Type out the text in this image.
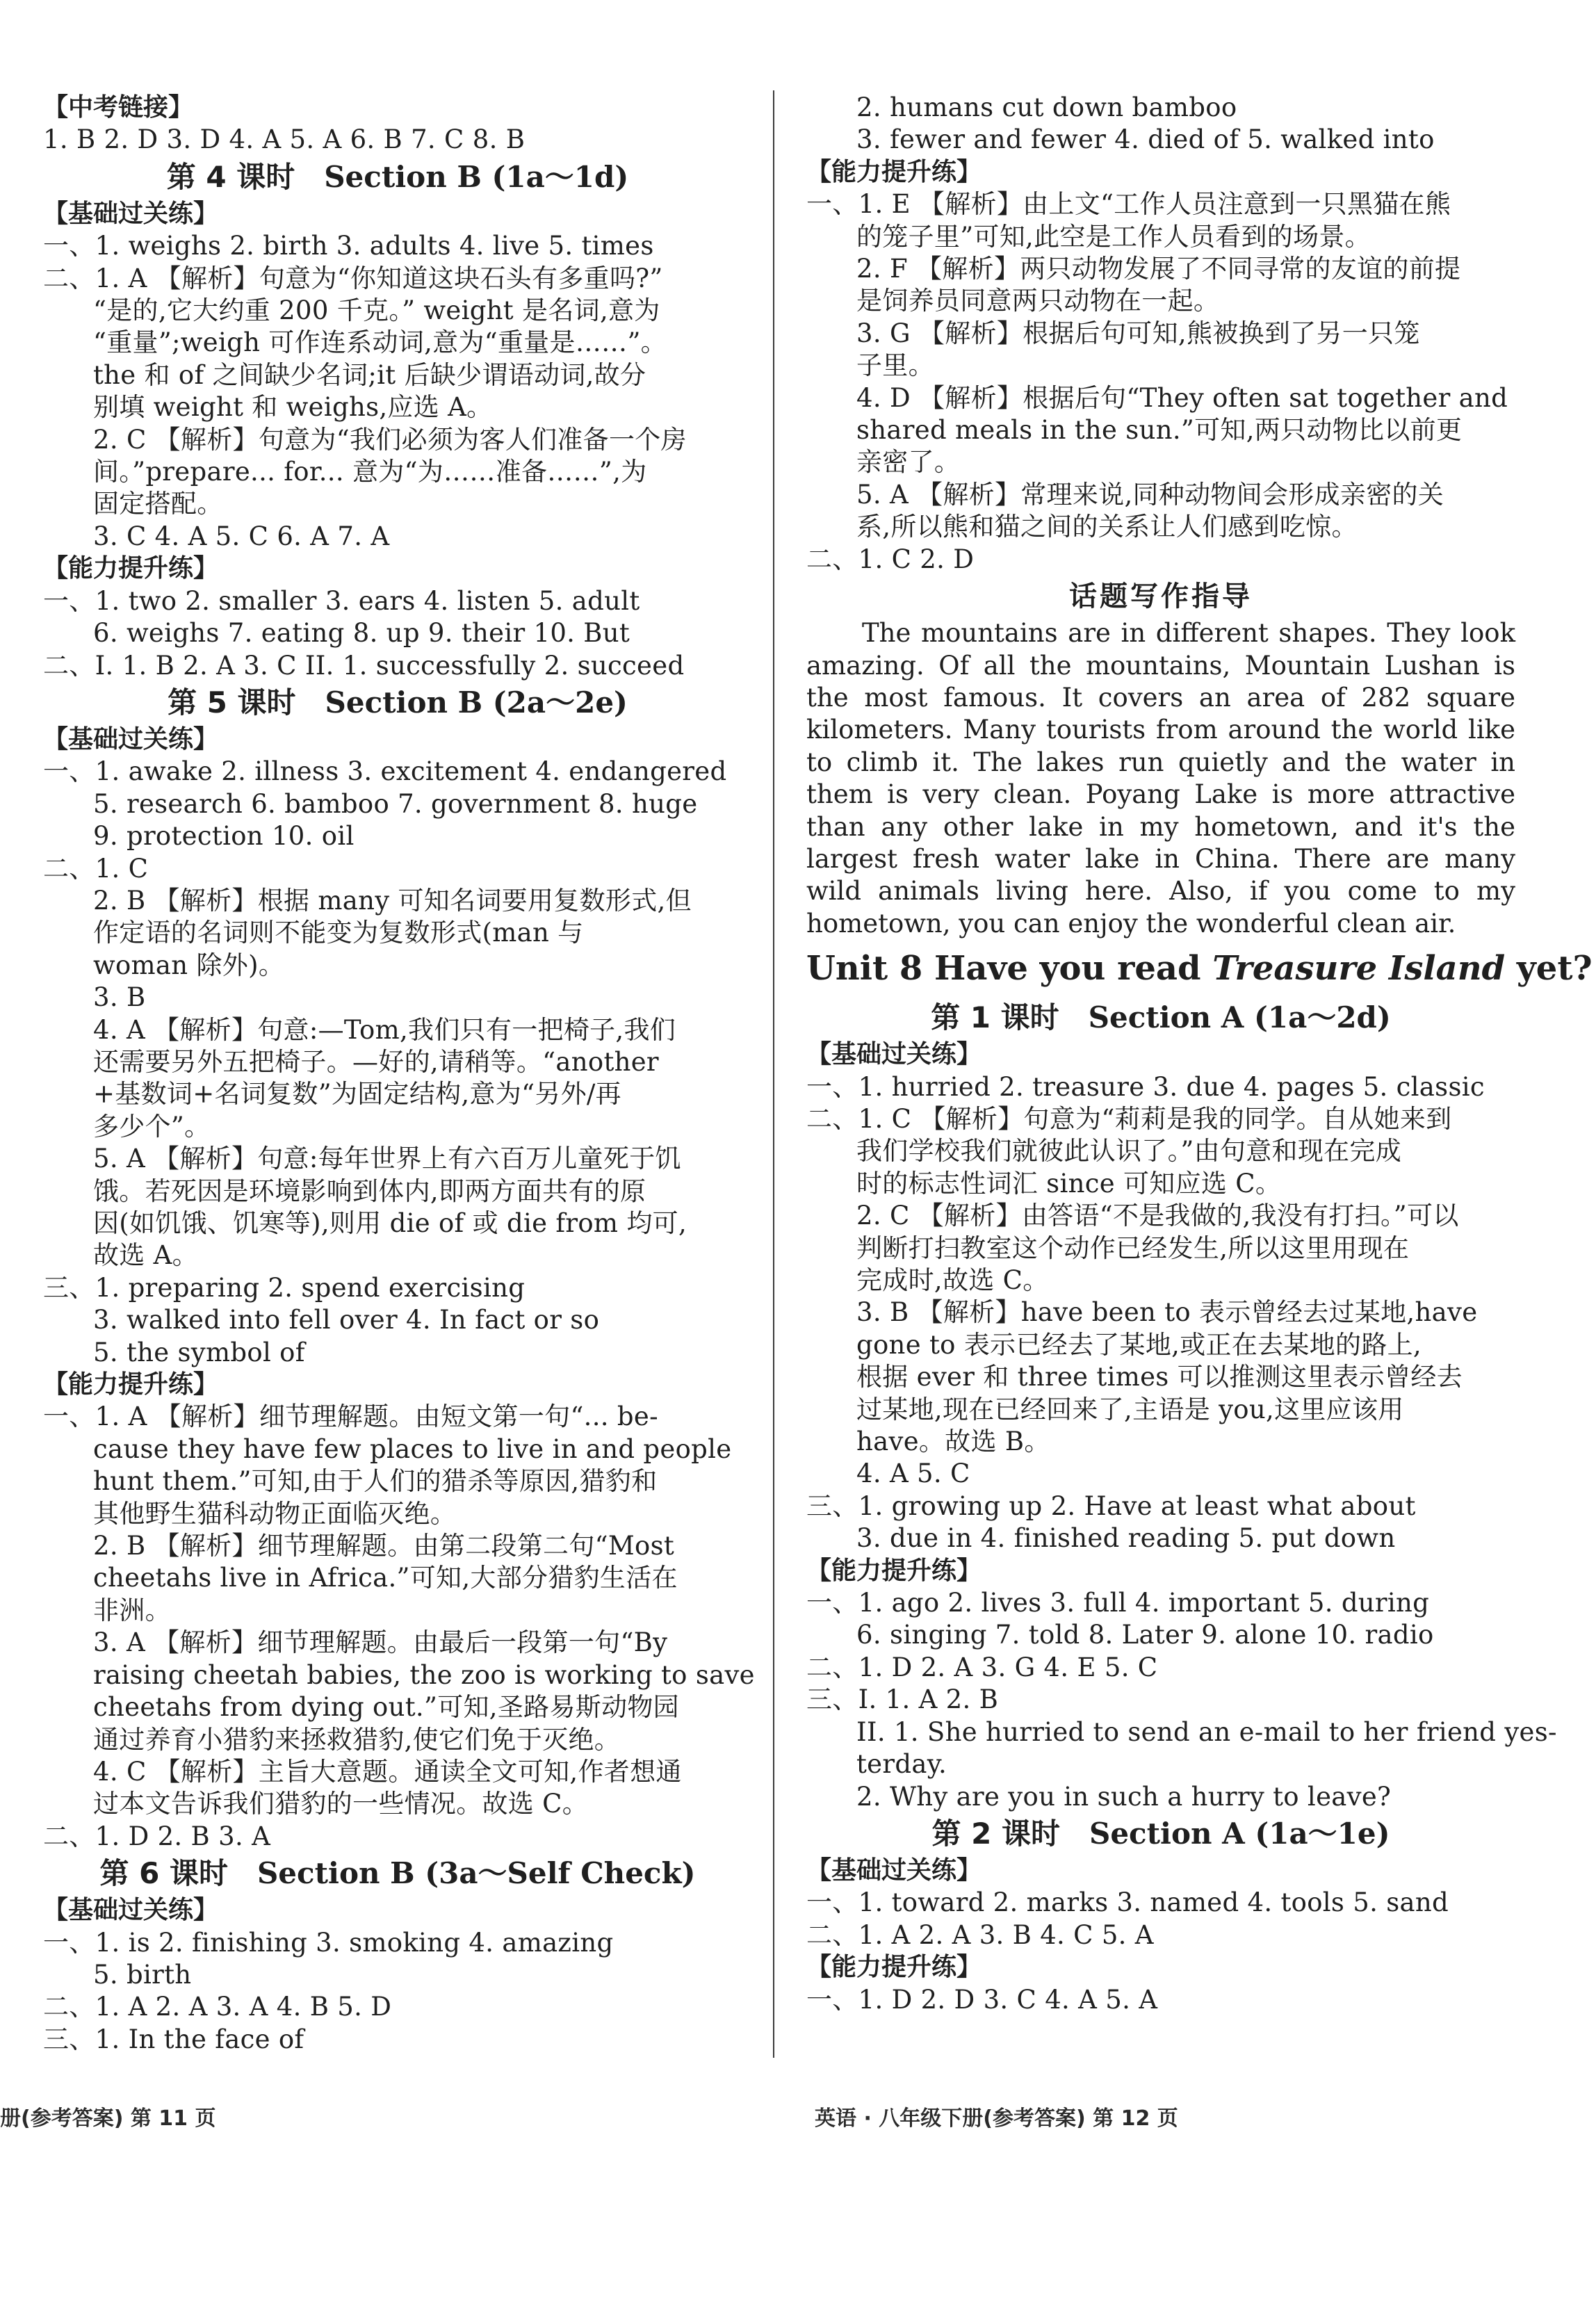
【中考链接】
1. B 2. D 3. D 4. A 5. A 6. B 7. C 8. B
第 4 课时  Section B (1a～1d)
【基础过关练】
一、1. weighs 2. birth 3. adults 4. live 5. times
二、1. A 【解析】句意为“你知道这块石头有多重吗?”
“是的,它大约重 200 千克。” weight 是名词,意为
“重量”;weigh 可作连系动词,意为“重量是……”。
the 和 of 之间缺少名词;it 后缺少谓语动词,故分
别填 weight 和 weighs,应选 A。
2. C 【解析】句意为“我们必须为客人们准备一个房
间。”prepare... for... 意为“为……准备……”,为
固定搭配。
3. C 4. A 5. C 6. A 7. A
【能力提升练】
一、1. two 2. smaller 3. ears 4. listen 5. adult
6. weighs 7. eating 8. up 9. their 10. But
二、I. 1. B 2. A 3. C II. 1. successfully 2. succeed
第 5 课时  Section B (2a～2e)
【基础过关练】
一、1. awake 2. illness 3. excitement 4. endangered
5. research 6. bamboo 7. government 8. huge
9. protection 10. oil
二、1. C
2. B 【解析】根据 many 可知名词要用复数形式,但
作定语的名词则不能变为复数形式(man 与
woman 除外)。
3. B
4. A 【解析】句意:—Tom,我们只有一把椅子,我们
还需要另外五把椅子。—好的,请稍等。“another
+基数词+名词复数”为固定结构,意为“另外/再
多少个”。
5. A 【解析】句意:每年世界上有六百万儿童死于饥
饿。若死因是环境影响到体内,即两方面共有的原
因(如饥饿、饥寒等),则用 die of 或 die from 均可,
故选 A。
三、1. preparing 2. spend exercising
3. walked into fell over 4. In fact or so
5. the symbol of
【能力提升练】
一、1. A 【解析】细节理解题。由短文第一句“... be-
cause they have few places to live in and people
hunt them.”可知,由于人们的猎杀等原因,猎豹和
其他野生猫科动物正面临灭绝。
2. B 【解析】细节理解题。由第二段第二句“Most
cheetahs live in Africa.”可知,大部分猎豹生活在
非洲。
3. A 【解析】细节理解题。由最后一段第一句“By
raising cheetah babies, the zoo is working to save
cheetahs from dying out.”可知,圣路易斯动物园
通过养育小猎豹来拯救猎豹,使它们免于灭绝。
4. C 【解析】主旨大意题。通读全文可知,作者想通
过本文告诉我们猎豹的一些情况。故选 C。
二、1. D 2. B 3. A
第 6 课时  Section B (3a～Self Check)
【基础过关练】
一、1. is 2. finishing 3. smoking 4. amazing
5. birth
二、1. A 2. A 3. A 4. B 5. D
三、1. In the face of
2. humans cut down bamboo
3. fewer and fewer 4. died of 5. walked into
【能力提升练】
一、1. E 【解析】由上文“工作人员注意到一只黑猫在熊
的笼子里”可知,此空是工作人员看到的场景。
2. F 【解析】两只动物发展了不同寻常的友谊的前提
是饲养员同意两只动物在一起。
3. G 【解析】根据后句可知,熊被换到了另一只笼
子里。
4. D 【解析】根据后句“They often sat together and
shared meals in the sun.”可知,两只动物比以前更
亲密了。
5. A 【解析】常理来说,同种动物间会形成亲密的关
系,所以熊和猫之间的关系让人们感到吃惊。
二、1. C 2. D
话题写作指导
The mountains are in different shapes. They look amazing. Of all the mountains, Mountain Lushan is the most famous. It covers an area of 282 square kilometers. Many tourists from around the world like to climb it. The lakes run quietly and the water in them is very clean. Poyang Lake is more attractive than any other lake in my hometown, and it's the largest fresh water lake in China. There are many wild animals living here. Also, if you come to my hometown, you can enjoy the wonderful clean air.
Unit 8 Have you read Treasure Island yet?
第 1 课时  Section A (1a～2d)
【基础过关练】
一、1. hurried 2. treasure 3. due 4. pages 5. classic
二、1. C 【解析】句意为“莉莉是我的同学。自从她来到
我们学校我们就彼此认识了。”由句意和现在完成
时的标志性词汇 since 可知应选 C。
2. C 【解析】由答语“不是我做的,我没有打扫。”可以
判断打扫教室这个动作已经发生,所以这里用现在
完成时,故选 C。
3. B 【解析】have been to 表示曾经去过某地,have
gone to 表示已经去了某地,或正在去某地的路上,
根据 ever 和 three times 可以推测这里表示曾经去
过某地,现在已经回来了,主语是 you,这里应该用
have。故选 B。
4. A 5. C
三、1. growing up 2. Have at least what about
3. due in 4. finished reading 5. put down
【能力提升练】
一、1. ago 2. lives 3. full 4. important 5. during
6. singing 7. told 8. Later 9. alone 10. radio
二、1. D 2. A 3. G 4. E 5. C
三、I. 1. A 2. B
II. 1. She hurried to send an e-mail to her friend yes-
terday.
2. Why are you in such a hurry to leave?
第 2 课时  Section A (1a～1e)
【基础过关练】
一、1. toward 2. marks 3. named 4. tools 5. sand
二、1. A 2. A 3. B 4. C 5. A
【能力提升练】
一、1. D 2. D 3. C 4. A 5. A
册(参考答案) 第 11 页	英语 · 八年级下册(参考答案) 第 12 页
